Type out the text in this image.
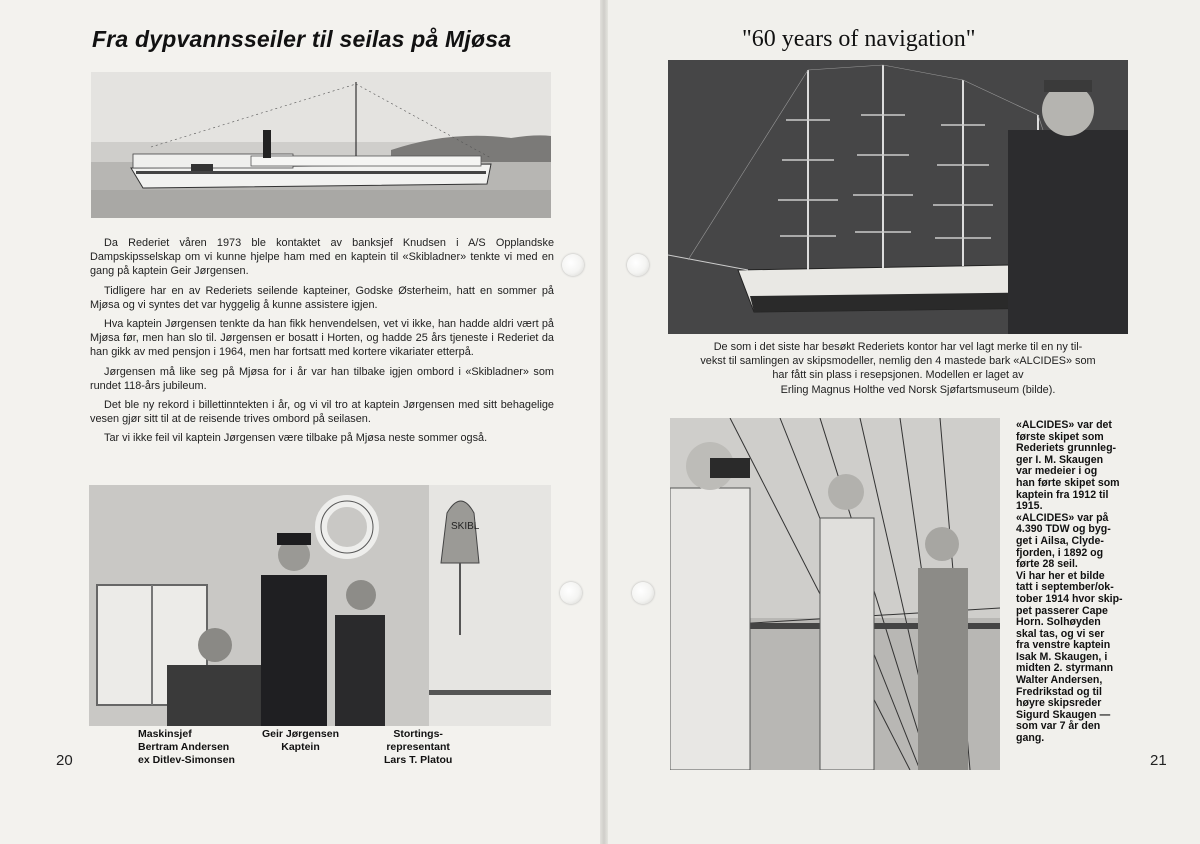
Fra dypvannsseiler til seilas på Mjøsa

Da Rederiet våren 1973 ble kontaktet av banksjef Knudsen i A/S Opplandske Dampskipsselskap om vi kunne hjelpe ham med en kaptein til «Skibladner» tenkte vi med en gang på kaptein Geir Jørgensen.

Tidligere har en av Rederiets seilende kapteiner, Godske Østerheim, hatt en sommer på Mjøsa og vi syntes det var hyggelig å kunne assistere igjen.

Hva kaptein Jørgensen tenkte da han fikk henvendelsen, vet vi ikke, han hadde aldri vært på Mjøsa før, men han slo til. Jørgensen er bosatt i Horten, og hadde 25 års tjeneste i Rederiet da han gikk av med pensjon i 1964, men har fortsatt med kortere vikariater etterpå.

Jørgensen må like seg på Mjøsa for i år var han tilbake igjen ombord i «Skibladner» som rundet 118-års jubileum.

Det ble ny rekord i billettinntekten i år, og vi vil tro at kaptein Jørgensen med sitt behagelige vesen gjør sitt til at de reisende trives ombord på seilasen.

Tar vi ikke feil vil kaptein Jørgensen være tilbake på Mjøsa neste sommer også.

SKIBL
Maskinsjef
Bertram Andersen
ex Ditlev-Simonsen
Geir Jørgensen
Kaptein
Stortings-
representant
Lars T. Platou
20
"60 years of navigation"
De som i det siste har besøkt Rederiets kontor har vel lagt merke til en ny til-
vekst til samlingen av skipsmodeller, nemlig den 4 mastede bark «ALCIDES» som
har fått sin plass i resepsjonen. Modellen er laget av
Erling Magnus Holthe ved Norsk Sjøfartsmuseum (bilde).
«ALCIDES» var det
første skipet som
Rederiets grunnleg-
ger I. M. Skaugen
var medeier i og
han førte skipet som
kaptein fra 1912 til
1915.
«ALCIDES» var på
4.390 TDW og byg-
get i Ailsa, Clyde-
fjorden, i 1892 og
førte 28 seil.
Vi har her et bilde
tatt i september/ok-
tober 1914 hvor skip-
pet passerer Cape
Horn. Solhøyden
skal tas, og vi ser
fra venstre kaptein
Isak M. Skaugen, i
midten 2. styrmann
Walter Andersen,
Fredrikstad og til
høyre skipsreder
Sigurd Skaugen —
som var 7 år den
gang.
21
